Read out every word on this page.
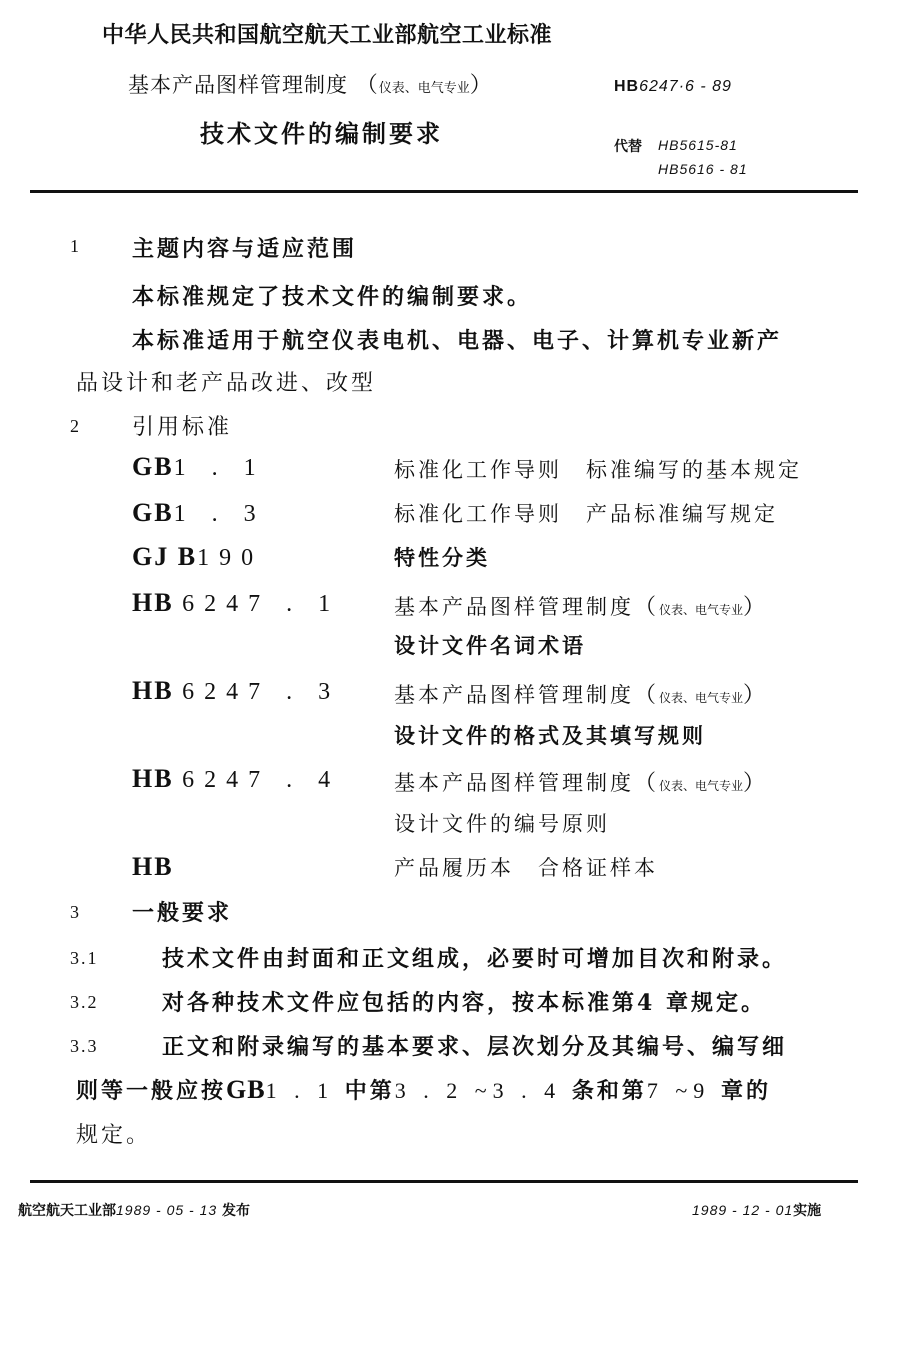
中华人民共和国航空航天工业部航空工业标准
基本产品图样管理制度 （仪表、电气专业）
技术文件的编制要求
HB6247·6 - 89
代替 HB5615-81
HB5616 - 81
1 主题内容与适应范围
本标准规定了技术文件的编制要求。
本标准适用于航空仪表电机、电器、电子、计算机专业新产
品设计和老产品改进、改型
2 引用标准
GB1 . 1	标准化工作导则　标准编写的基本规定
GB1 . 3	标准化工作导则　产品标准编写规定
GJ B190	特性分类
HB 6247 . 1	基本产品图样管理制度（仪表、电气专业）
设计文件名词术语
HB 6247 . 3	基本产品图样管理制度（仪表、电气专业）
设计文件的格式及其填写规则
HB 6247 . 4	基本产品图样管理制度（仪表、电气专业）
设计文件的编号原则
HB	产品履历本　合格证样本
3 一般要求
3.1	技术文件由封面和正文组成，必要时可增加目次和附录。
3.2	对各种技术文件应包括的内容，按本标准第4 章规定。
3.3	正文和附录编写的基本要求、层次划分及其编号、编写细
则等一般应按GB1 . 1 中第3 . 2 ~3 . 4 条和第7 ~9 章的
规定。
航空航天工业部1989 - 05 - 13 发布	1989 - 12 - 01实施
